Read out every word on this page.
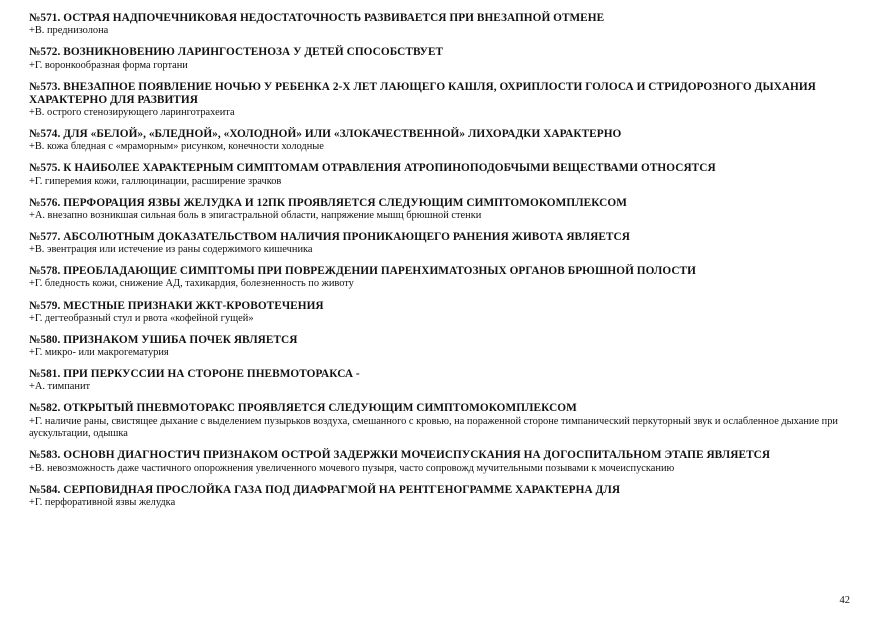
№571. ОСТРАЯ НАДПОЧЕЧНИКОВАЯ НЕДОСТАТОЧНОСТЬ РАЗВИВАЕТСЯ ПРИ ВНЕЗАПНОЙ ОТМЕНЕ
+В. преднизолона
№572. ВОЗНИКНОВЕНИЮ ЛАРИНГОСТЕНОЗА У ДЕТЕЙ СПОСОБСТВУЕТ
+Г. воронкообразная форма гортани
№573. ВНЕЗАПНОЕ ПОЯВЛЕНИЕ НОЧЬЮ У РЕБЕНКА 2-Х ЛЕТ ЛАЮЩЕГО КАШЛЯ, ОХРИПЛОСТИ ГОЛОСА И СТРИДОРОЗНОГО ДЫХАНИЯ ХАРАКТЕРНО ДЛЯ РАЗВИТИЯ
+В. острого стенозирующего ларинготрахеита
№574. ДЛЯ «БЕЛОЙ», «БЛЕДНОЙ», «ХОЛОДНОЙ» ИЛИ «ЗЛОКАЧЕСТВЕННОЙ» ЛИХОРАДКИ ХАРАКТЕРНО
+В. кожа бледная с «мраморным» рисунком, конечности холодные
№575. К НАИБОЛЕЕ ХАРАКТЕРНЫМ СИМПТОМАМ ОТРАВЛЕНИЯ АТРОПИНОПОДОБЧЫМИ ВЕЩЕСТВАМИ ОТНОСЯТСЯ
+Г. гиперемия кожи, галлюцинации, расширение зрачков
№576. ПЕРФОРАЦИЯ ЯЗВЫ ЖЕЛУДКА И 12ПК ПРОЯВЛЯЕТСЯ СЛЕДУЮЩИМ СИМПТОМОКОМПЛЕКСОМ
+А. внезапно возникшая сильная боль в эпигастральной области, напряжение мышц брюшной стенки
№577. АБСОЛЮТНЫМ ДОКАЗАТЕЛЬСТВОМ НАЛИЧИЯ ПРОНИКАЮЩЕГО РАНЕНИЯ ЖИВОТА ЯВЛЯЕТСЯ
+В. эвентрация или истечение из раны содержимого кишечника
№578. ПРЕОБЛАДАЮЩИЕ СИМПТОМЫ ПРИ ПОВРЕЖДЕНИИ ПАРЕНХИМАТОЗНЫХ ОРГАНОВ БРЮШНОЙ ПОЛОСТИ
+Г. бледность кожи, снижение АД, тахикардия, болезненность по животу
№579. МЕСТНЫЕ ПРИЗНАКИ ЖКТ-КРОВОТЕЧЕНИЯ
+Г. дегтеобразный стул и рвота «кофейной гущей»
№580. ПРИЗНАКОМ УШИБА ПОЧЕК ЯВЛЯЕТСЯ
+Г. микро- или макрогематурия
№581. ПРИ ПЕРКУССИИ НА СТОРОНЕ ПНЕВМОТОРАКСА -
+А. тимпанит
№582. ОТКРЫТЫЙ ПНЕВМОТОРАКС ПРОЯВЛЯЕТСЯ СЛЕДУЮЩИМ СИМПТОМОКОМПЛЕКСОМ
+Г. наличие раны, свистящее дыхание с выделением пузырьков воздуха, смешанного с кровью, на пораженной стороне тимпанический перкуторный звук и ослабленное дыхание при аускультации, одышка
№583. ОСНОВН ДИАГНОСТИЧ ПРИЗНАКОМ ОСТРОЙ ЗАДЕРЖКИ МОЧЕИСПУСКАНИЯ НА ДОГОСПИТАЛЬНОМ ЭТАПЕ ЯВЛЯЕТСЯ
+В. невозможность даже частичного опорожнения увеличенного мочевого пузыря, часто сопровожд мучительными позывами к мочеиспусканию
№584. СЕРПОВИДНАЯ ПРОСЛОЙКА ГАЗА ПОД ДИАФРАГМОЙ НА РЕНТГЕНОГРАММЕ ХАРАКТЕРНА ДЛЯ
+Г. перфоративной язвы желудка
42
